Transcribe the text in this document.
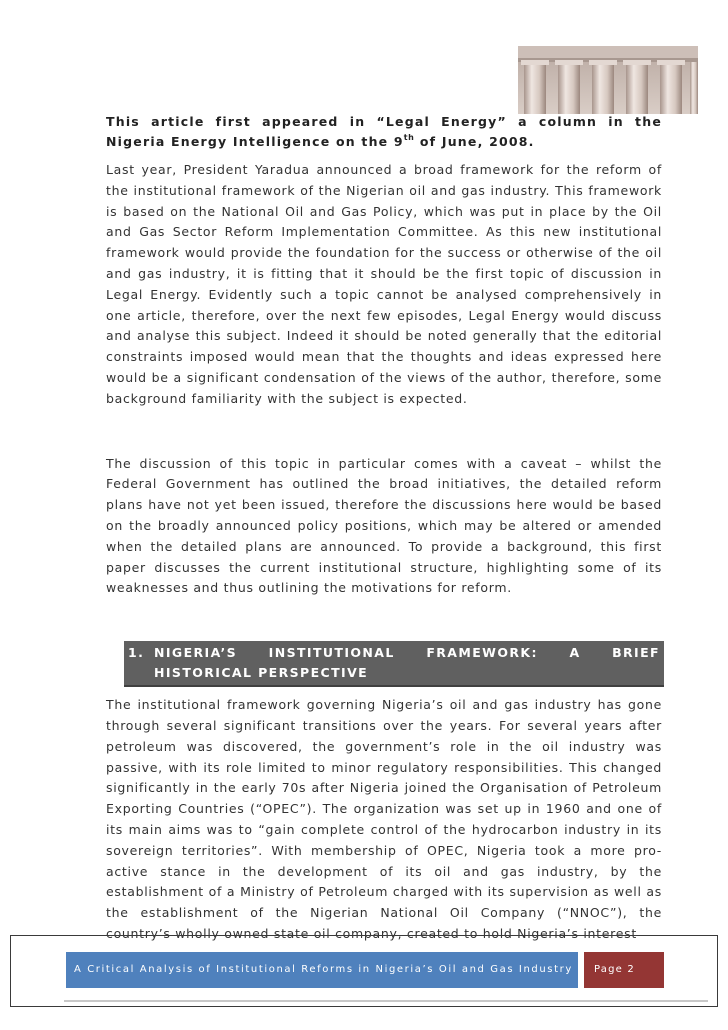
This article first appeared in “Legal Energy” a column in the Nigeria Energy Intelligence on the 9th of June, 2008.

Last year, President Yaradua announced a broad framework for the reform of the institutional framework of the Nigerian oil and gas industry. This framework is based on the National Oil and Gas Policy, which was put in place by the Oil and Gas Sector Reform Implementation Committee. As this new institutional framework would provide the foundation for the success or otherwise of the oil and gas industry, it is fitting that it should be the first topic of discussion in Legal Energy. Evidently such a topic cannot be analysed comprehensively in one article, therefore, over the next few episodes, Legal Energy would discuss and analyse this subject. Indeed it should be noted generally that the editorial constraints imposed would mean that the thoughts and ideas expressed here would be a significant condensation of the views of the author, therefore, some background familiarity with the subject is expected.

The discussion of this topic in particular comes with a caveat – whilst the Federal Government has outlined the broad initiatives, the detailed reform plans have not yet been issued, therefore the discussions here would be based on the broadly announced policy positions, which may be altered or amended when the detailed plans are announced. To provide a background, this first paper discusses the current institutional structure, highlighting some of its weaknesses and thus outlining the motivations for reform.

1. NIGERIA’S INSTITUTIONAL FRAMEWORK: A BRIEF HISTORICAL PERSPECTIVE

The institutional framework governing Nigeria’s oil and gas industry has gone through several significant transitions over the years. For several years after petroleum was discovered, the government’s role in the oil industry was passive, with its role limited to minor regulatory responsibilities. This changed significantly in the early 70s after Nigeria joined the Organisation of Petroleum Exporting Countries (“OPEC”). The organization was set up in 1960 and one of its main aims was to “gain complete control of the hydrocarbon industry in its sovereign territories”. With membership of OPEC, Nigeria took a more pro-active stance in the development of its oil and gas industry, by the establishment of a Ministry of Petroleum charged with its supervision as well as the establishment of the Nigerian National Oil Company (“NNOC”), the country’s wholly owned state oil company, created to hold Nigeria’s interest

A Critical Analysis of Institutional Reforms in Nigeria’s Oil and Gas Industry	Page 2
